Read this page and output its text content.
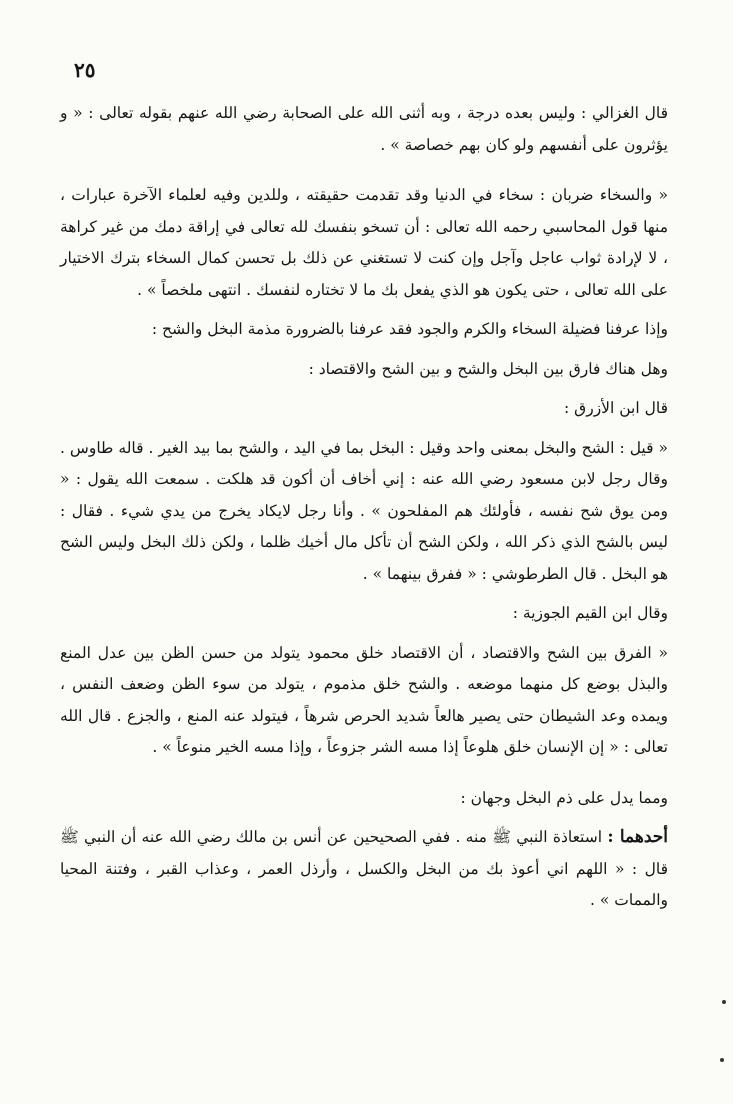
٢٥

قال الغزالي : وليس بعده درجة ، وبه أثنى الله على الصحابة رضي الله عنهم بقوله تعالى : « و يؤثرون على أنفسهم ولو كان بهم خصاصة » .

« والسخاء ضربان : سخاء في الدنيا وقد تقدمت حقيقته ، وللدين وفيه لعلماء الآخرة عبارات ، منها قول المحاسبي رحمه الله تعالى : أن تسخو بنفسك لله تعالى في إراقة دمك من غير كراهة ، لا لإرادة ثواب عاجل وآجل وإن كنت لا تستغني عن ذلك بل تحسن كمال السخاء بترك الاختيار على الله تعالى ، حتى يكون هو الذي يفعل بك ما لا تختاره لنفسك . انتهى ملخصاً » .

وإذا عرفنا فضيلة السخاء والكرم والجود فقد عرفنا بالضرورة مذمة البخل والشح :

وهل هناك فارق بين البخل والشح و بين الشح والاقتصاد :

قال ابن الأزرق :

« قيل : الشح والبخل بمعنى واحد وقيل : البخل بما في اليد ، والشح بما بيد الغير . قاله طاوس . وقال رجل لابن مسعود رضي الله عنه : إني أخاف أن أكون قد هلكت . سمعت الله يقول : « ومن يوق شح نفسه ، فأولئك هم المفلحون » . وأنا رجل لايكاد يخرج من يدي شيء . فقال : ليس بالشح الذي ذكر الله ، ولكن الشح أن تأكل مال أخيك ظلما ، ولكن ذلك البخل وليس الشح هو البخل . قال الطرطوشي : « ففرق بينهما » .

وقال ابن القيم الجوزية :

« الفرق بين الشح والاقتصاد ، أن الاقتصاد خلق محمود يتولد من حسن الظن بين عدل المنع والبذل بوضع كل منهما موضعه . والشح خلق مذموم ، يتولد من سوء الظن وضعف النفس ، ويمده وعد الشيطان حتى يصير هالعاً شديد الحرص شرهاً ، فيتولد عنه المنع ، والجزع . قال الله تعالى : « إن الإنسان خلق هلوعاً إذا مسه الشر جزوعاً ، وإذا مسه الخير منوعاً » .

ومما يدل على ذم البخل وجهان :

أحدهما : استعاذة النبي ﷺ منه . ففي الصحيحين عن أنس بن مالك رضي الله عنه أن النبي ﷺ قال : « اللهم اني أعوذ بك من البخل والكسل ، وأرذل العمر ، وعذاب القبر ، وفتنة المحيا والممات » .
